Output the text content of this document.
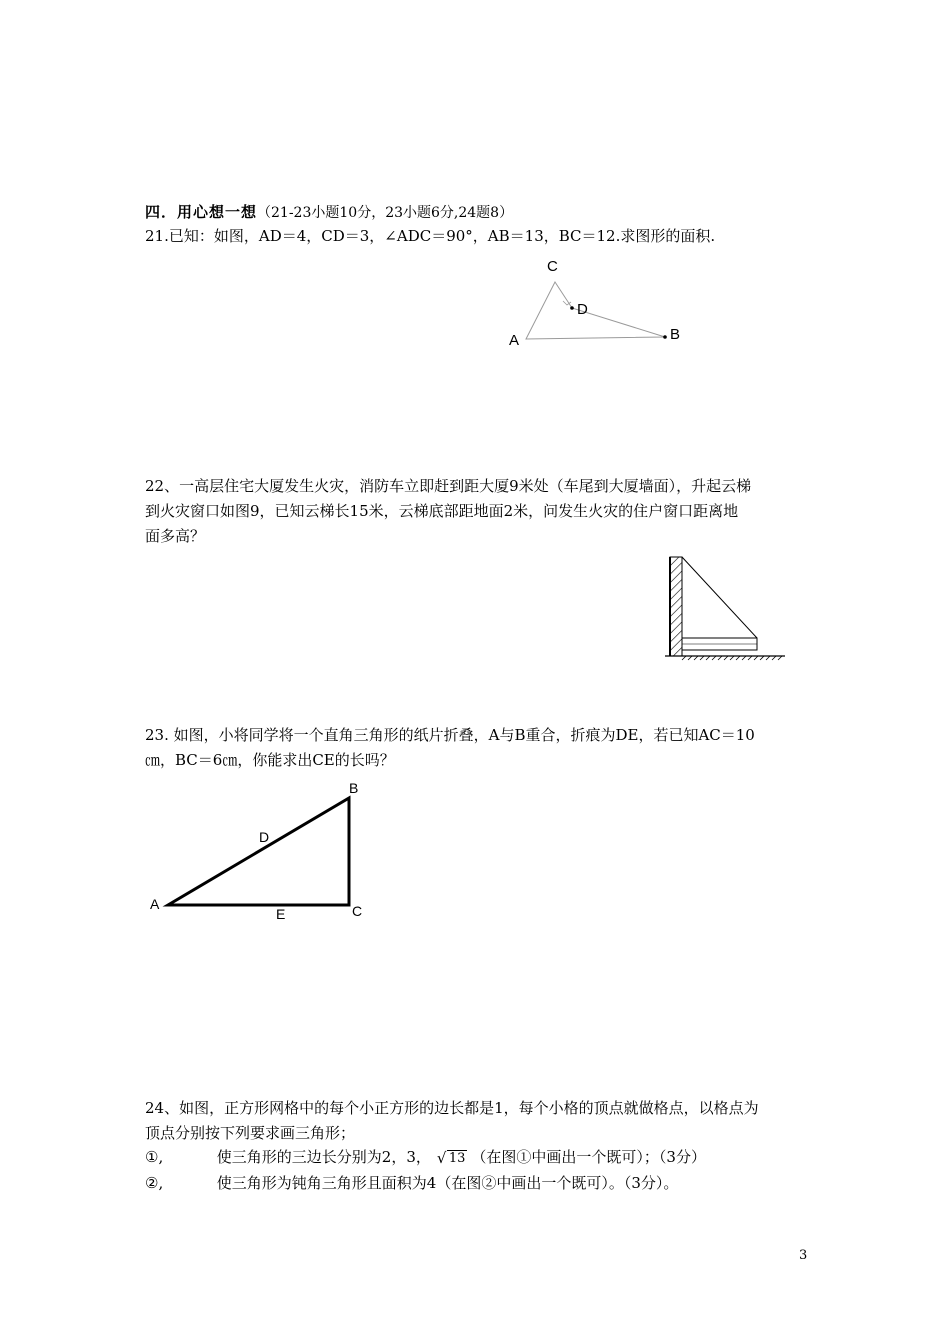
四．用心想一想（21-23小题10分，23小题6分,24题8）
21.已知：如图，AD＝4，CD＝3，∠ADC＝90°，AB＝13，BC＝12.求图形的面积.
C
D
A	B
22、一高层住宅大厦发生火灾，消防车立即赶到距大厦9米处（车尾到大厦墙面），升起云梯
到火灾窗口如图9，已知云梯长15米，云梯底部距地面2米，问发生火灾的住户窗口距离地
面多高？
23. 如图，小将同学将一个直角三角形的纸片折叠，A与B重合，折痕为DE，若已知AC＝10
㎝，BC＝6㎝，你能求出CE的长吗？
B
D
A	C
E
24、如图，正方形网格中的每个小正方形的边长都是1，每个小格的顶点就做格点，以格点为
顶点分别按下列要求画三角形；
①,	使三角形的三边长分别为2，3， √ 13 （在图①中画出一个既可）；（3分）
②,	使三角形为钝角三角形且面积为4（在图②中画出一个既可）。（3分）。
3
